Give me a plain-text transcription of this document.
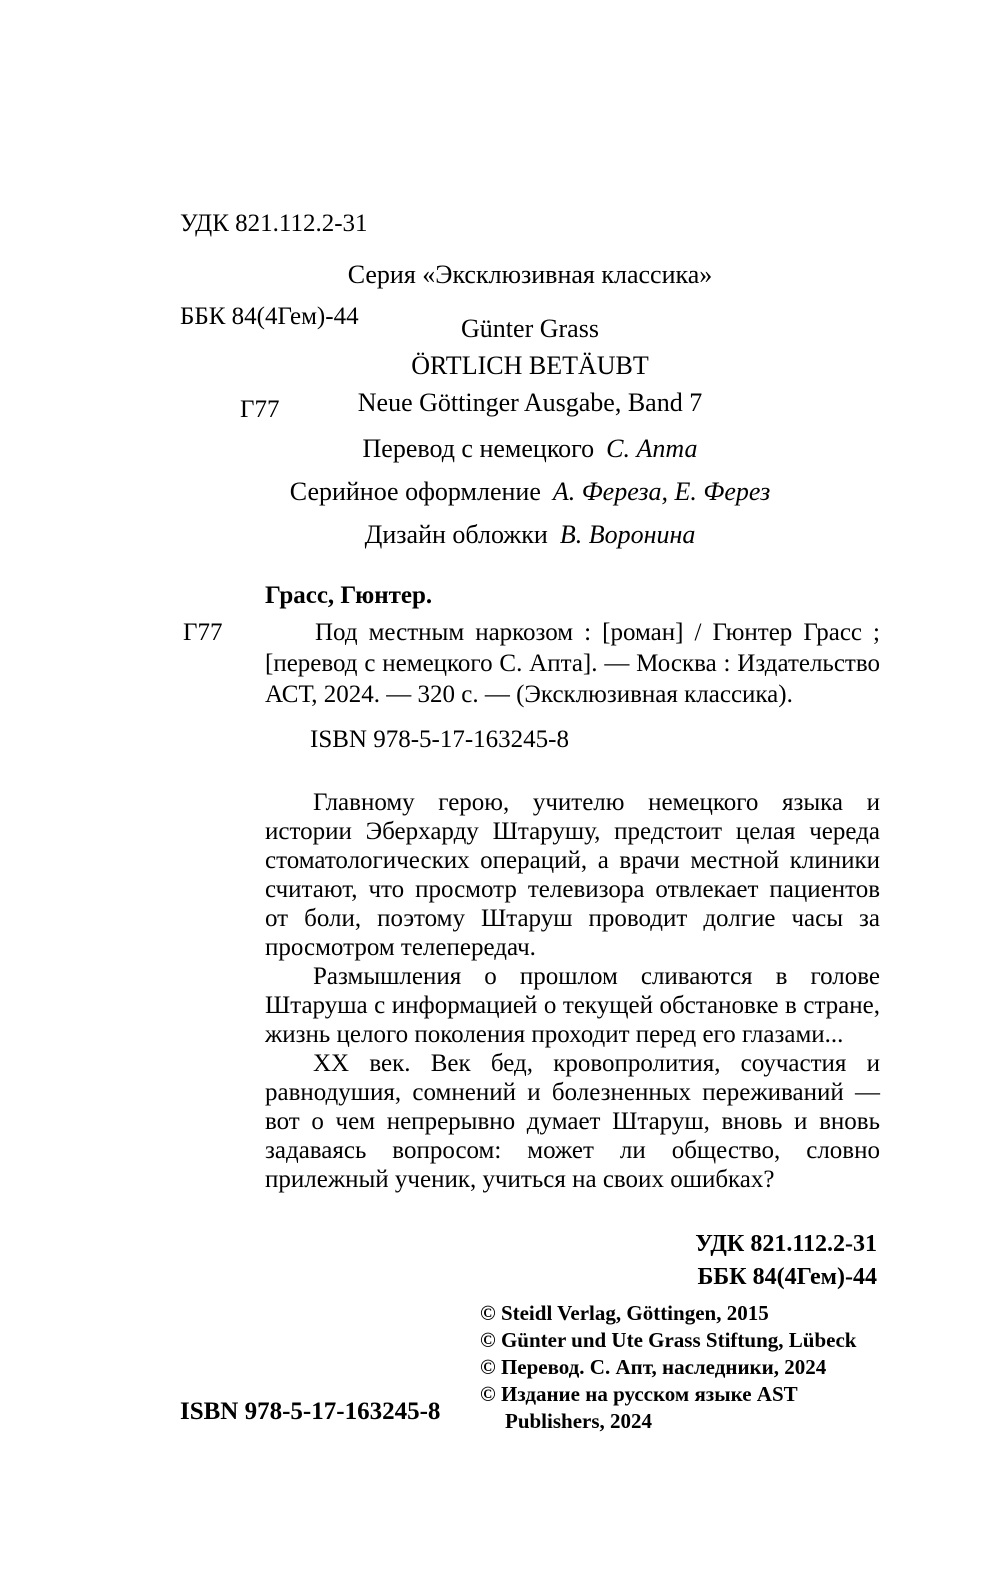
УДК 821.112.2-31

ББК 84(4Гем)-44

Г77

Серия «Эксклюзивная классика»
Günter Grass
ÖRTLICH BETÄUBT
Neue Göttinger Ausgabe, Band 7
Перевод с немецкого С. Апта
Серийное оформление А. Фереза, Е. Ферез
Дизайн обложки В. Воронина
Г77
Грасс, Гюнтер.

Под местным наркозом : [роман] / Гюнтер Грасс ; [перевод с немецкого С. Апта]. — Москва : Издательство АСТ, 2024. — 320 с. — (Эксклюзивная классика).

ISBN 978-5-17-163245-8

Главному герою, учителю немецкого языка и истории Эберхарду Штарушу, предстоит целая череда стоматологических операций, а врачи местной клиники считают, что просмотр телевизора отвлекает пациентов от боли, поэтому Штаруш проводит долгие часы за просмотром телепередач.

Размышления о прошлом сливаются в голове Штаруша с информацией о текущей обстановке в стране, жизнь целого поколения проходит перед его глазами...

ХХ век. Век бед, кровопролития, соучастия и равнодушия, сомнений и болезненных переживаний — вот о чем непрерывно думает Штаруш, вновь и вновь задаваясь вопросом: может ли общество, словно прилежный ученик, учиться на своих ошибках?

УДК 821.112.2-31
ББК 84(4Гем)-44
© Steidl Verlag, Göttingen, 2015
© Günter und Ute Grass Stiftung, Lübeck
© Перевод. С. Апт, наследники, 2024
© Издание на русском языке AST Publishers, 2024
ISBN 978-5-17-163245-8
